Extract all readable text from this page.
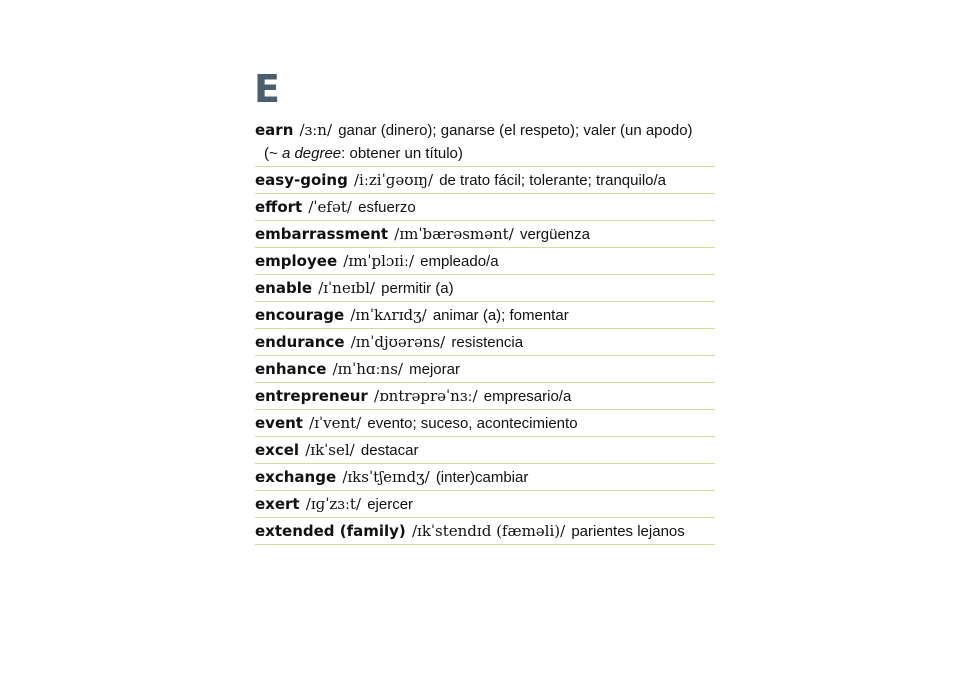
E
earn /ɜːn/ ganar (dinero); ganarse (el respeto); valer (un apodo)
(~ a degree: obtener un título)
easy-going /iːziˈɡəʊɪŋ/ de trato fácil; tolerante; tranquilo/a
effort /ˈefət/ esfuerzo
embarrassment /ɪmˈbærəsmənt/ vergüenza
employee /ɪmˈplɔɪiː/ empleado/a
enable /ɪˈneɪbl/ permitir (a)
encourage /ɪnˈkʌrɪdʒ/ animar (a); fomentar
endurance /ɪnˈdjʊərəns/ resistencia
enhance /ɪnˈhɑːns/ mejorar
entrepreneur /ɒntrəprəˈnɜː/ empresario/a
event /ɪˈvent/ evento; suceso, acontecimiento
excel /ɪkˈsel/ destacar
exchange /ɪksˈtʃeɪndʒ/ (inter)cambiar
exert /ɪɡˈzɜːt/ ejercer
extended (family) /ɪkˈstendɪd (fæməli)/ parientes lejanos
